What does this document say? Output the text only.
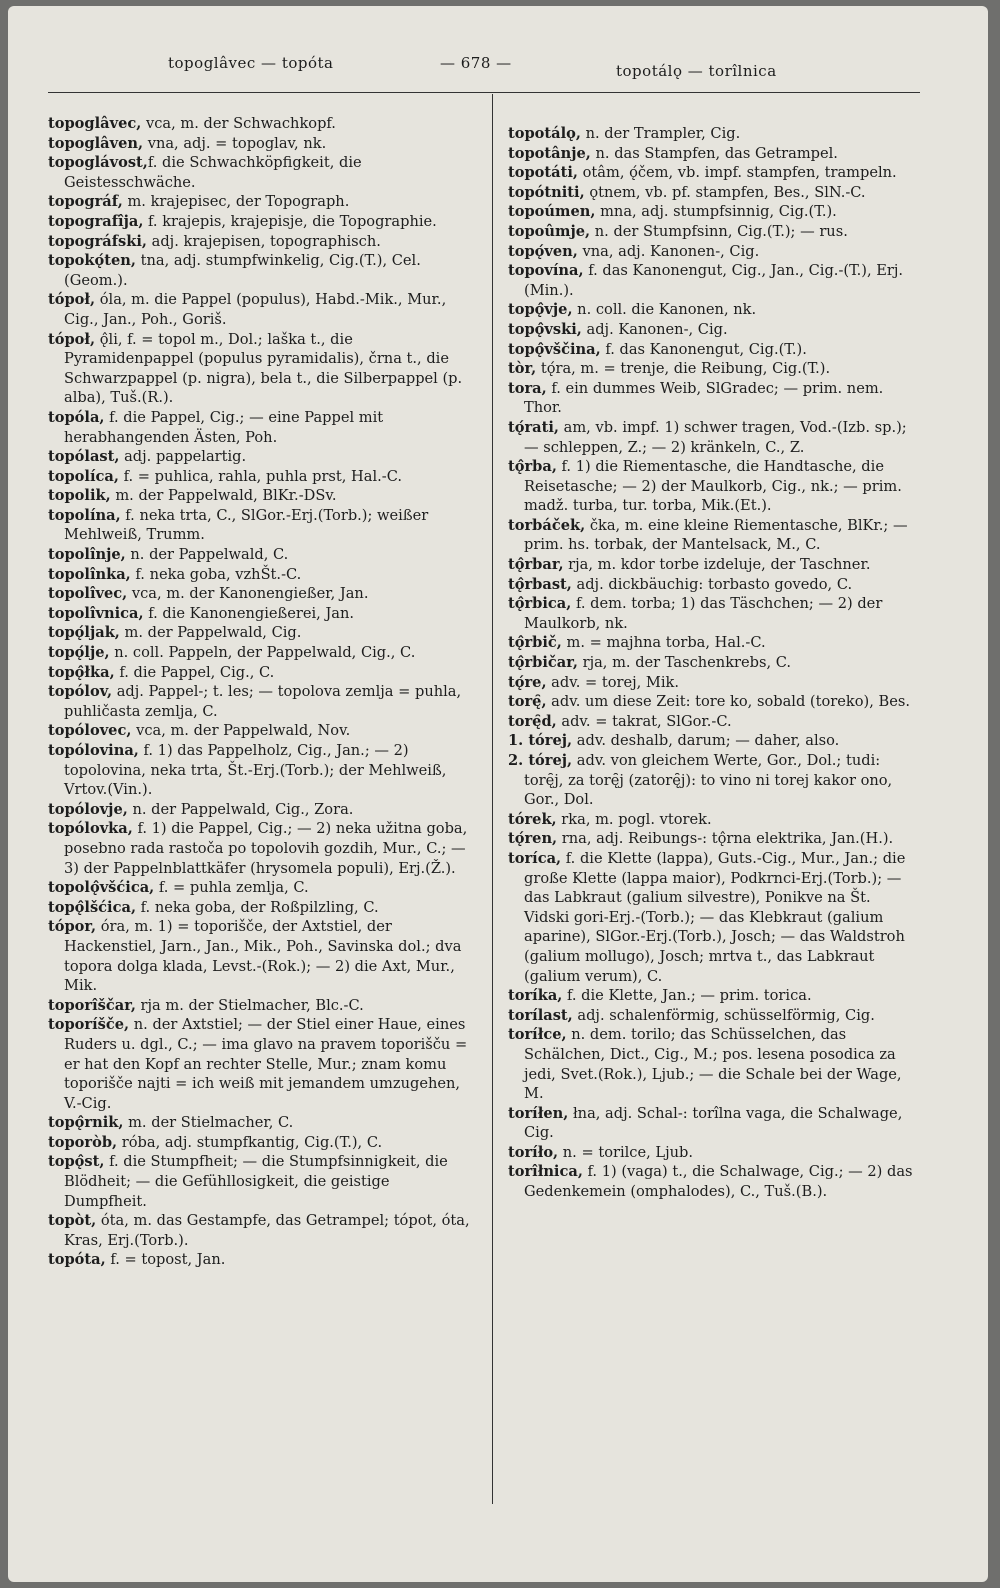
topoglâvec — topóta	— 678 —	topotálǫ — torîlnica

topoglâvec, vca, m. der Schwachkopf.

topoglâven, vna, adj. = topoglav, nk.

topoglávost,f. die Schwachköpfigkeit, die Geistesschwäche.

topográf, m. krajepisec, der Topograph.

topografîja, f. krajepis, krajepisje, die Topographie.

topográfski, adj. krajepisen, topographisch.

topokǫ́ten, tna, adj. stumpfwinkelig, Cig.(T.), Cel.(Geom.).

tópoł, óla, m. die Pappel (populus), Habd.-Mik., Mur., Cig., Jan., Poh., Goriš.

tópoł, ǫ̂li, f. = topol m., Dol.; laška t., die Pyramidenpappel (populus pyramidalis), črna t., die Schwarzpappel (p. nigra), bela t., die Silberpappel (p. alba), Tuš.(R.).

topóla, f. die Pappel, Cig.; — eine Pappel mit herabhangenden Ästen, Poh.

topólast, adj. pappelartig.

topolíca, f. = puhlica, rahla, puhla prst, Hal.-C.

topolik, m. der Pappelwald, BlKr.-DSv.

topolína, f. neka trta, C., SlGor.-Erj.(Torb.); weißer Mehlweiß, Trumm.

topolînje, n. der Pappelwald, C.

topolînka, f. neka goba, vzhŠt.-C.

topolîvec, vca, m. der Kanonengießer, Jan.

topolîvnica, f. die Kanonengießerei, Jan.

topǫ́ljak, m. der Pappelwald, Cig.

topǫ́lje, n. coll. Pappeln, der Pappelwald, Cig., C.

topǫ̂łka, f. die Pappel, Cig., C.

topólov, adj. Pappel-; t. les; — topolova zemlja = puhla, puhličasta zemlja, C.

topólovec, vca, m. der Pappelwald, Nov.

topólovina, f. 1) das Pappelholz, Cig., Jan.; — 2) topolovina, neka trta, Št.-Erj.(Torb.); der Mehlweiß, Vrtov.(Vin.).

topólovje, n. der Pappelwald, Cig., Zora.

topólovka, f. 1) die Pappel, Cig.; — 2) neka užitna goba, posebno rada rastoča po topolovih gozdih, Mur., C.; — 3) der Pappelnblattkäfer (hrysomela populi), Erj.(Ž.).

topolǫ̂všćica, f. = puhla zemlja, C.

topǫ̂lšćica, f. neka goba, der Roßpilzling, C.

tópor, óra, m. 1) = toporišče, der Axtstiel, der Hackenstiel, Jarn., Jan., Mik., Poh., Savinska dol.; dva topora dolga klada, Levst.-(Rok.); — 2) die Axt, Mur., Mik.

toporîščar, rja m. der Stielmacher, Blc.-C.

toporíšče, n. der Axtstiel; — der Stiel einer Haue, eines Ruders u. dgl., C.; — ima glavo na pravem toporišču = er hat den Kopf an rechter Stelle, Mur.; znam komu toporišče najti = ich weiß mit jemandem umzugehen, V.-Cig.

topǫ̂rnik, m. der Stielmacher, C.

toporòb, róba, adj. stumpfkantig, Cig.(T.), C.

topǫ̂st, f. die Stumpfheit; — die Stumpfsinnigkeit, die Blödheit; — die Gefühllosigkeit, die geistige Dumpfheit.

topòt, óta, m. das Gestampfe, das Getrampel; tópot, óta, Kras, Erj.(Torb.).

topóta, f. = topost, Jan.

topotálǫ, n. der Trampler, Cig.

topotânje, n. das Stampfen, das Getrampel.

topotáti, otâm, ǫ́čem, vb. impf. stampfen, trampeln.

topótniti, ǫtnem, vb. pf. stampfen, Bes., SlN.-C.

topoúmen, mna, adj. stumpfsinnig, Cig.(T.).

topoûmje, n. der Stumpfsinn, Cig.(T.); — rus.

topǫ́ven, vna, adj. Kanonen-, Cig.

topovína, f. das Kanonengut, Cig., Jan., Cig.-(T.), Erj.(Min.).

topǫ̂vje, n. coll. die Kanonen, nk.

topǫ̂vski, adj. Kanonen-, Cig.

topǫ̂vščina, f. das Kanonengut, Cig.(T.).

tòr, tǫ́ra, m. = trenje, die Reibung, Cig.(T.).

tora, f. ein dummes Weib, SlGradec; — prim. nem. Thor.

tǫ́rati, am, vb. impf. 1) schwer tragen, Vod.-(Izb. sp.); — schleppen, Z.; — 2) kränkeln, C., Z.

tǫ̂rba, f. 1) die Riementasche, die Handtasche, die Reisetasche; — 2) der Maulkorb, Cig., nk.; — prim. madž. turba, tur. torba, Mik.(Et.).

torbáček, čka, m. eine kleine Riementasche, BlKr.; — prim. hs. torbak, der Mantelsack, M., C.

tǫ̂rbar, rja, m. kdor torbe izdeluje, der Taschner.

tǫ̂rbast, adj. dickbäuchig: torbasto govedo, C.

tǫ̂rbica, f. dem. torba; 1) das Täschchen; — 2) der Maulkorb, nk.

tǫ̂rbič, m. = majhna torba, Hal.-C.

tǫ̂rbičar, rja, m. der Taschenkrebs, C.

tǫ́re, adv. = torej, Mik.

torę̑, adv. um diese Zeit: tore ko, sobald (toreko), Bes.

torę̑d, adv. = takrat, SlGor.-C.

1. tórej, adv. deshalb, darum; — daher, also.

2. tórej, adv. von gleichem Werte, Gor., Dol.; tudi: torę̑j, za torę̑j (zatorę̑j): to vino ni torej kakor ono, Gor., Dol.

tórek, rka, m. pogl. vtorek.

tǫ́ren, rna, adj. Reibungs-: tǫ̂rna elektrika, Jan.(H.).

toríca, f. die Klette (lappa), Guts.-Cig., Mur., Jan.; die große Klette (lappa maior), Podkrnci-Erj.(Torb.); — das Labkraut (galium silvestre), Ponikve na Št. Vidski gori-Erj.-(Torb.); — das Klebkraut (galium aparine), SlGor.-Erj.(Torb.), Josch; — das Waldstroh (galium mollugo), Josch; mrtva t., das Labkraut (galium verum), C.

toríka, f. die Klette, Jan.; — prim. torica.

torílast, adj. schalenförmig, schüsselförmig, Cig.

toríłce, n. dem. torilo; das Schüsselchen, das Schälchen, Dict., Cig., M.; pos. lesena posodica za jedi, Svet.(Rok.), Ljub.; — die Schale bei der Wage, M.

toríłen, łna, adj. Schal-: torîlna vaga, die Schalwage, Cig.

toríło, n. = torilce, Ljub.

torîłnica, f. 1) (vaga) t., die Schalwage, Cig.; — 2) das Gedenkemein (omphalodes), C., Tuš.(B.).
